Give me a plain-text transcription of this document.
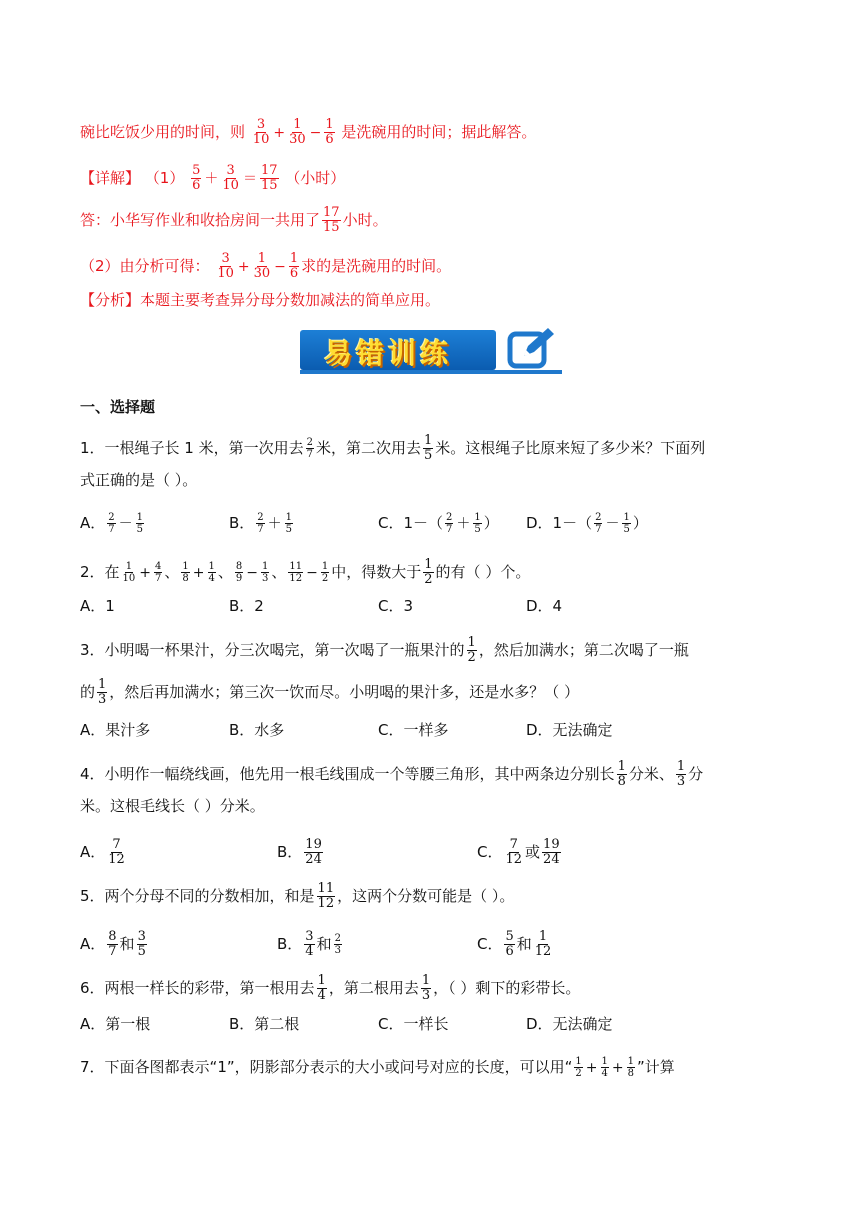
碗比吃饭少用的时间，则 $\frac{3}{10} + \frac{1}{30} - \frac{1}{6}$ 是洗碗用的时间；据此解答。
【详解】 $(1) \frac{5}{6} + \frac{3}{10} = \frac{17}{15}$ （小时）
答：小华写作业和收拾房间一共用了 $\frac{17}{15}$ 小时。
（2）由分析可得： $\frac{3}{10} + \frac{1}{30} - \frac{1}{6}$ 求的是洗碗用的时间。
【分析】本题主要考查异分母分数加减法的简单应用。
易错训练
一、选择题
1．一根绳子长 1 米，第一次用去 $\frac{2}{7}$ 米，第二次用去 $\frac{1}{5}$ 米。这根绳子比原来短了多少米？下面列
式正确的是（ ）。
A． $\frac{2}{7} - \frac{1}{5}$	B． $\frac{2}{7} + \frac{1}{5}$	C．$1-( \frac{2}{7} + \frac{1}{5}$ ） D．$1-( \frac{2}{7} - \frac{1}{5}$ ）
2．在 $\frac{1}{10} + \frac{4}{7}$ 、 $\frac{1}{8} + \frac{1}{4}$ 、 $\frac{8}{9} - \frac{1}{3}$ 、 $\frac{11}{12} - \frac{1}{2}$ 中，得数大于 $\frac{1}{2}$ 的有（ ）个。
A．1	B．2	C．3	D．4
3．小明喝一杯果汁，分三次喝完，第一次喝了一瓶果汁的 $\frac{1}{2}$ ，然后加满水；第二次喝了一瓶
的 $\frac{1}{3}$ ，然后再加满水；第三次一饮而尽。小明喝的果汁多，还是水多？（ ）
A．果汁多	B．水多	C．一样多	D．无法确定
4．小明作一幅绕线画，他先用一根毛线围成一个等腰三角形，其中两条边分别长 $\frac{1}{8}$ 分米、 $\frac{1}{3}$ 分
米。这根毛线长（ ）分米。
A． $\frac{7}{12}$	B． $\frac{19}{24}$	C． $\frac{7}{12}$ 或 $\frac{19}{24}$
5．两个分母不同的分数相加，和是 $\frac{11}{12}$ ，这两个分数可能是（ ）。
A． $\frac{8}{7}$ 和 $\frac{3}{5}$	B． $\frac{3}{4}$ 和 $\frac{2}{3}$	C． $\frac{5}{6}$ 和 $\frac{1}{12}$
6．两根一样长的彩带，第一根用去 $\frac{1}{4}$ ，第二根用去 $\frac{1}{3}$ ，（ ）剩下的彩带长。
A．第一根	B．第二根	C．一样长	D．无法确定
7．下面各图都表示“1”，阴影部分表示的大小或问号对应的长度，可以用“ $\frac{1}{2} + \frac{1}{4} + \frac{1}{8}$ ”计算
